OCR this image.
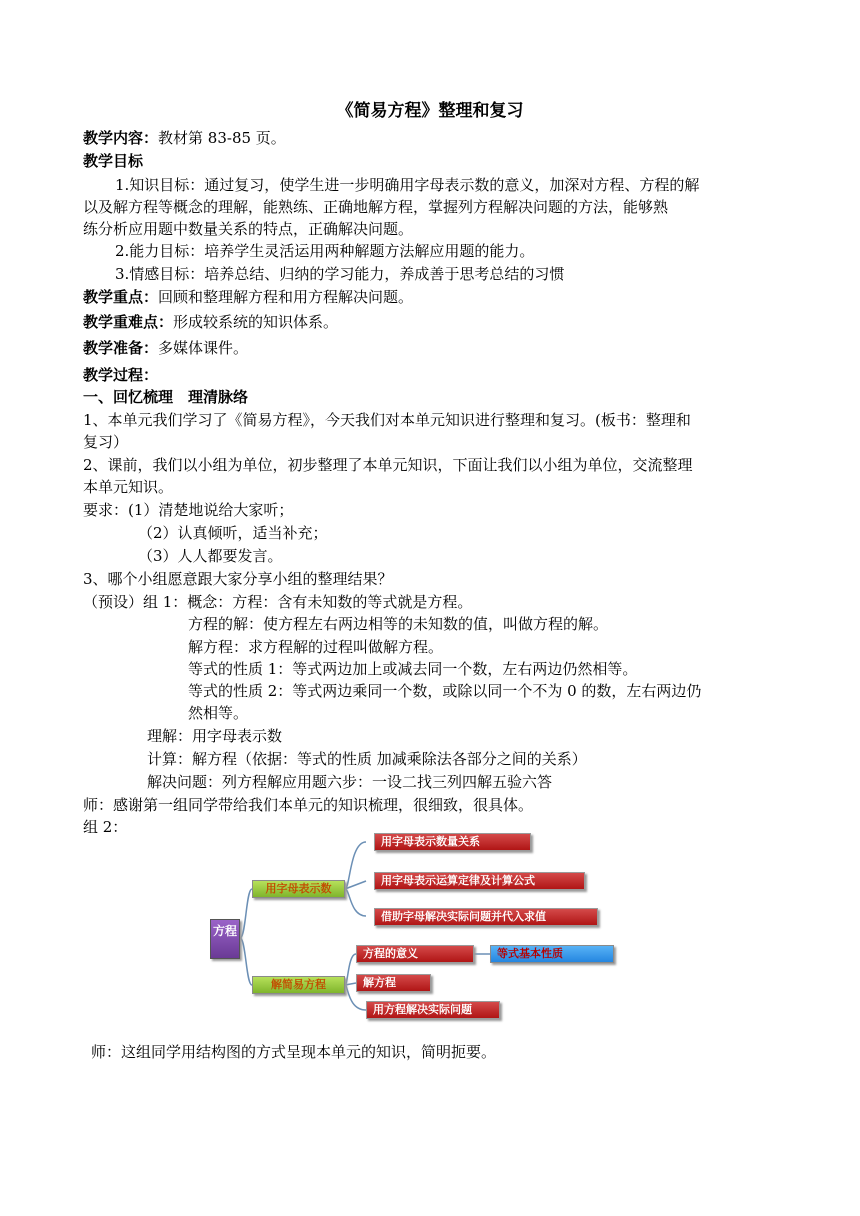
《简易方程》整理和复习
教学内容：教材第 83-85 页。
教学目标
1.知识目标：通过复习，使学生进一步明确用字母表示数的意义，加深对方程、方程的解
以及解方程等概念的理解，能熟练、正确地解方程，掌握列方程解决问题的方法，能够熟
练分析应用题中数量关系的特点，正确解决问题。
2.能力目标：培养学生灵活运用两种解题方法解应用题的能力。
3.情感目标：培养总结、归纳的学习能力，养成善于思考总结的习惯
教学重点：回顾和整理解方程和用方程解决问题。
教学重难点：形成较系统的知识体系。
教学准备：多媒体课件。
教学过程：
一、回忆梳理　理清脉络
1、本单元我们学习了《简易方程》，今天我们对本单元知识进行整理和复习。(板书：整理和
复习）
2、课前，我们以小组为单位，初步整理了本单元知识，下面让我们以小组为单位，交流整理
本单元知识。
要求：(1）清楚地说给大家听；
（2）认真倾听，适当补充；
（3）人人都要发言。
3、哪个小组愿意跟大家分享小组的整理结果？
（预设）组 1：概念：方程：含有未知数的等式就是方程。
方程的解：使方程左右两边相等的未知数的值，叫做方程的解。
解方程：求方程解的过程叫做解方程。
等式的性质 1：等式两边加上或减去同一个数，左右两边仍然相等。
等式的性质 2：等式两边乘同一个数，或除以同一个不为 0 的数，左右两边仍
然相等。
理解：用字母表示数
计算：解方程（依据：等式的性质 加减乘除法各部分之间的关系）
解决问题：列方程解应用题六步：一设二找三列四解五验六答
师：感谢第一组同学带给我们本单元的知识梳理，很细致，很具体。
组 2：
方程
用字母表示数
解简易方程
用字母表示数量关系
用字母表示运算定律及计算公式
借助字母解决实际问题并代入求值
方程的意义	等式基本性质
解方程
用方程解决实际问题
师：这组同学用结构图的方式呈现本单元的知识，简明扼要。
